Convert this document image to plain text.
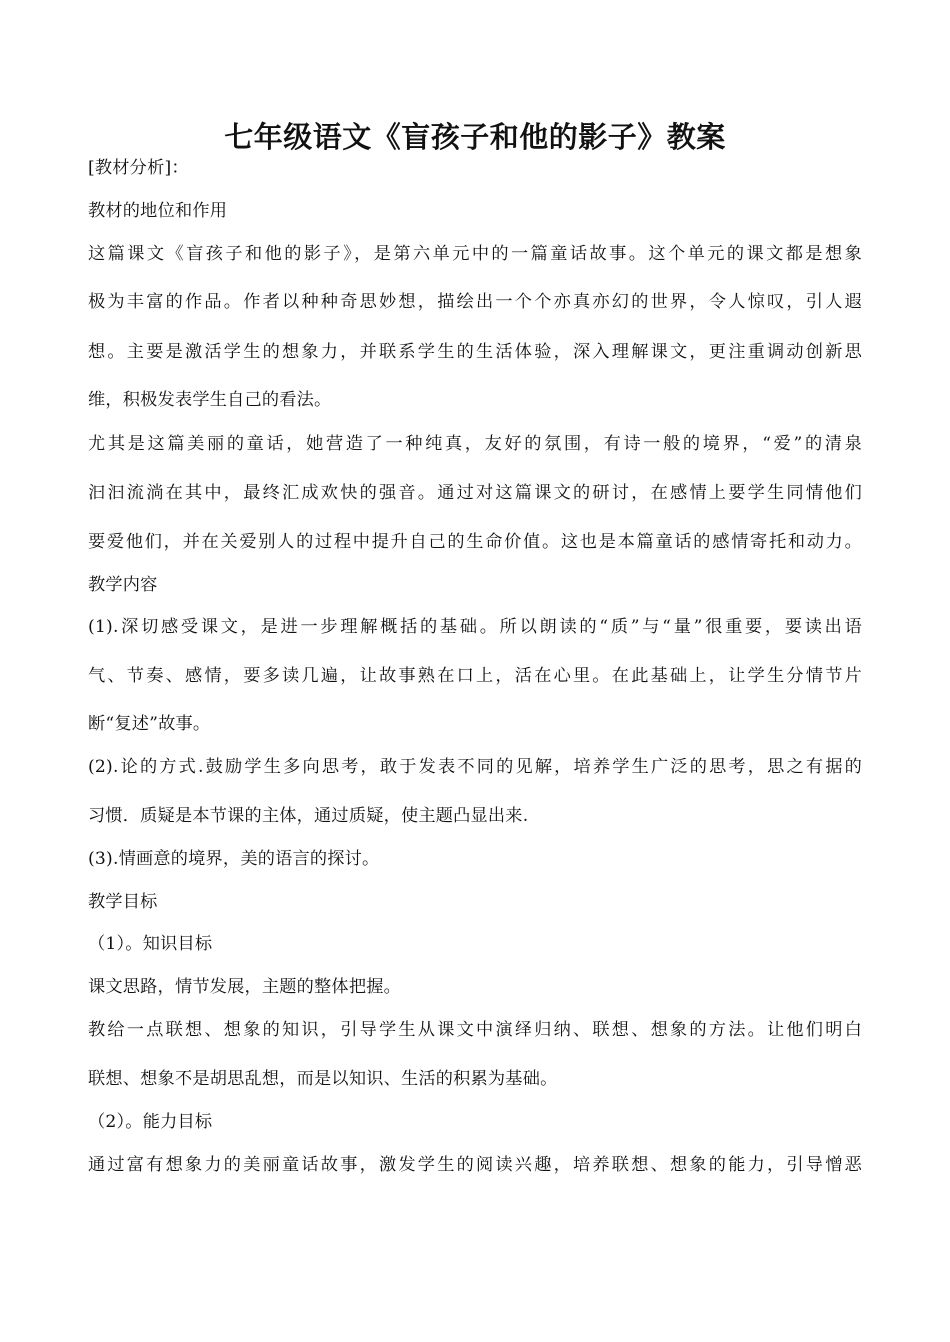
七年级语文《盲孩子和他的影子》教案
[教材分析]：
教材的地位和作用
这篇课文《盲孩子和他的影子》，是第六单元中的一篇童话故事。这个单元的课文都是想象
极为丰富的作品。作者以种种奇思妙想，描绘出一个个亦真亦幻的世界，令人惊叹，引人遐
想。主要是激活学生的想象力，并联系学生的生活体验，深入理解课文，更注重调动创新思
维，积极发表学生自己的看法。
尤其是这篇美丽的童话，她营造了一种纯真，友好的氛围，有诗一般的境界，“爱”的清泉
汩汩流淌在其中，最终汇成欢快的强音。通过对这篇课文的研讨，在感情上要学生同情他们
要爱他们，并在关爱别人的过程中提升自己的生命价值。这也是本篇童话的感情寄托和动力。
教学内容
(1).深切感受课文，是进一步理解概括的基础。所以朗读的“质”与“量”很重要，要读出语
气、节奏、感情，要多读几遍，让故事熟在口上，活在心里。在此基础上，让学生分情节片
断“复述”故事。
(2).论的方式.鼓励学生多向思考，敢于发表不同的见解，培养学生广泛的思考，思之有据的
习惯．质疑是本节课的主体，通过质疑，使主题凸显出来.
(3).情画意的境界，美的语言的探讨。
教学目标
（1）。知识目标
课文思路，情节发展，主题的整体把握。
教给一点联想、想象的知识，引导学生从课文中演绎归纳、联想、想象的方法。让他们明白
联想、想象不是胡思乱想，而是以知识、生活的积累为基础。
（2）。能力目标
通过富有想象力的美丽童话故事，激发学生的阅读兴趣，培养联想、想象的能力，引导憎恶
